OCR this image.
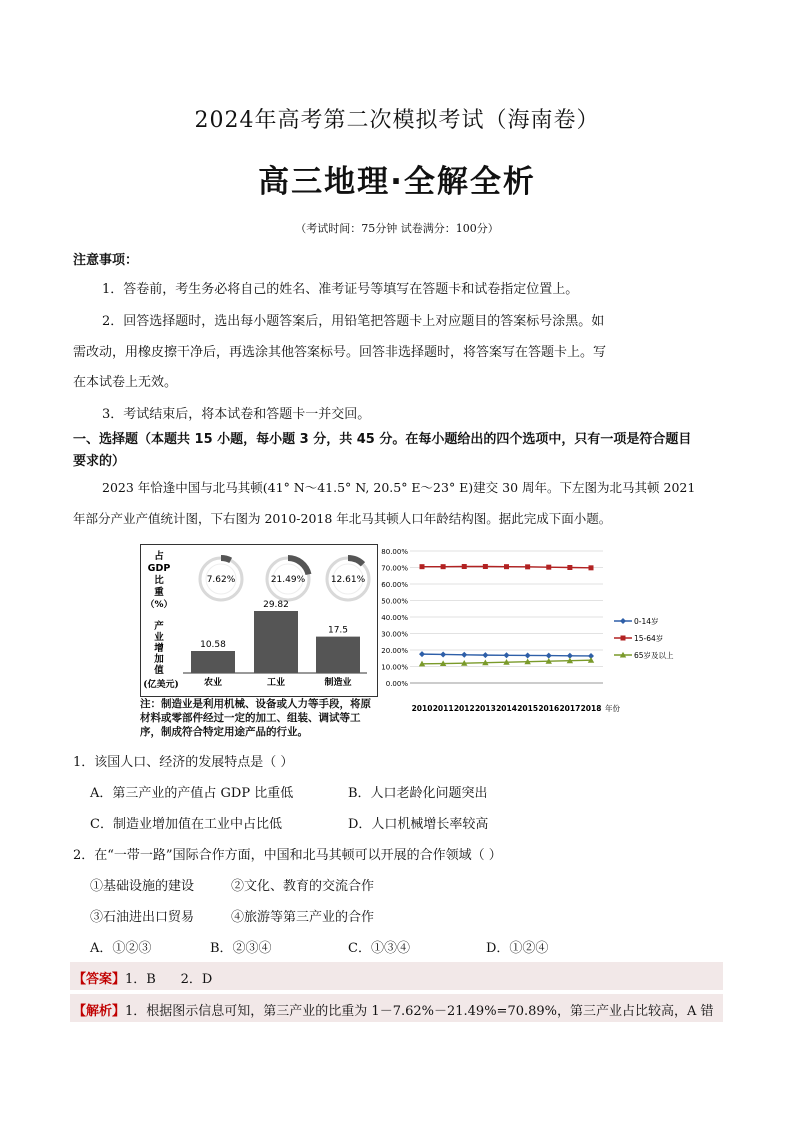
2024年高考第二次模拟考试（海南卷）
高三地理·全解全析
（考试时间：75分钟 试卷满分：100分）
注意事项：
1．答卷前，考生务必将自己的姓名、准考证号等填写在答题卡和试卷指定位置上。
2．回答选择题时，选出每小题答案后，用铅笔把答题卡上对应题目的答案标号涂黑。如
需改动，用橡皮擦干净后，再选涂其他答案标号。回答非选择题时，将答案写在答题卡上。写
在本试卷上无效。
3．考试结束后，将本试卷和答题卡一并交回。
一、选择题（本题共 15 小题，每小题 3 分，共 45 分。在每小题给出的四个选项中，只有一项是符合题目
要求的）
2023 年恰逢中国与北马其顿(41° N～41.5° N, 20.5° E～23° E)建交 30 周年。下左图为北马其顿 2021
年部分产业产值统计图，下右图为 2010-2018 年北马其顿人口年龄结构图。据此完成下面小题。
占
GDP
比
重
（%）
产
业
增
加
值
(亿美元)
7.62%	21.49%	12.61%
10.58
农业
29.82
工业
17.5
制造业
注：制造业是利用机械、设备或人力等手段，将原材料或零部件经过一定的加工、组装、调试等工序，制成符合特定用途产品的行业。
0.00%
10.00%
20.00%
30.00%
40.00%
50.00%
60.00%
70.00%
80.00%
2010 2011 2012 2013 2014 2015 2016 2017 2018 年份
0-14岁
15-64岁
65岁及以上
1．该国人口、经济的发展特点是（ ）
A．第三产业的产值占 GDP 比重低	B．人口老龄化问题突出
C．制造业增加值在工业中占比低	D．人口机械增长率较高
2．在“一带一路”国际合作方面，中国和北马其顿可以开展的合作领域（ ）
①基础设施的建设	②文化、教育的交流合作
③石油进出口贸易	④旅游等第三产业的合作
A．①②③	B．②③④	C．①③④	D．①②④
【答案】1．B      2．D
【解析】1．根据图示信息可知，第三产业的比重为 1－7.62%－21.49%=70.89%，第三产业占比较高，A 错
